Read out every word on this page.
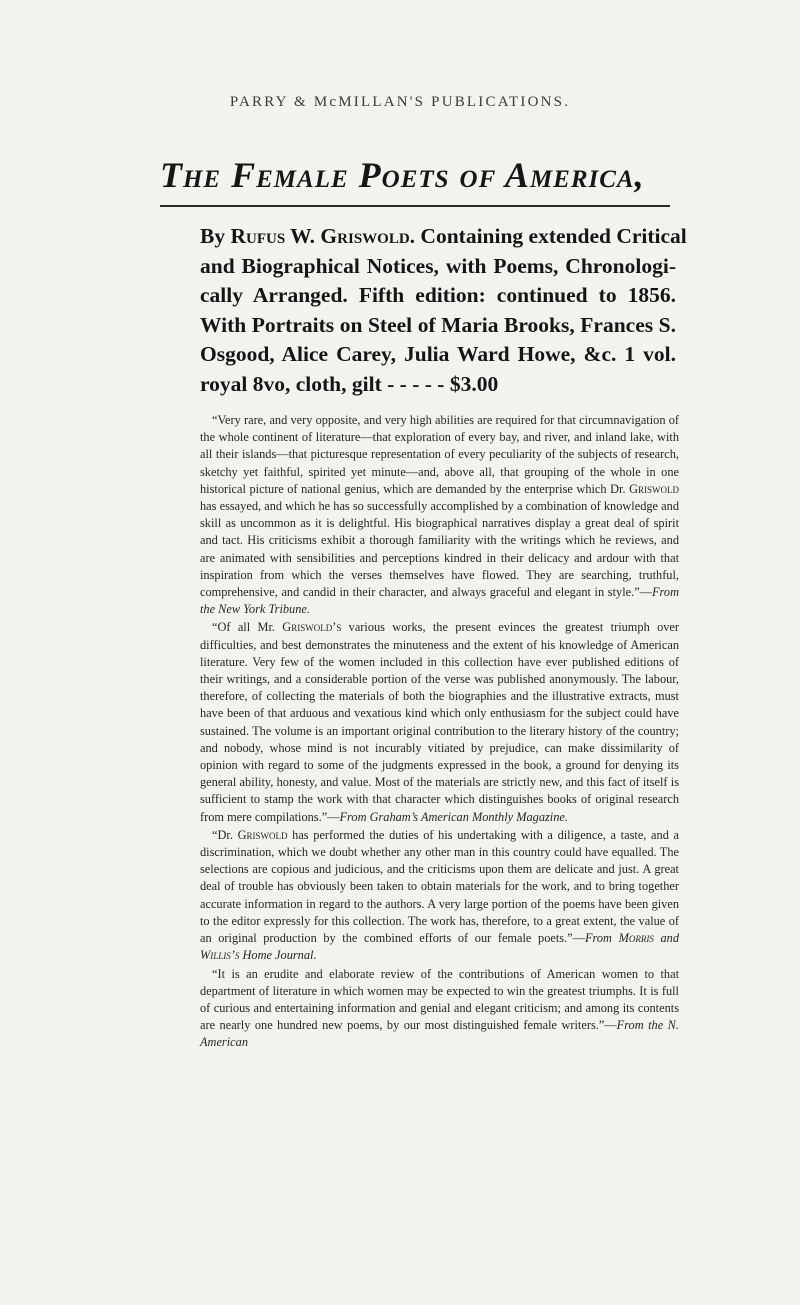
PARRY & McMILLAN'S PUBLICATIONS.
The Female Poets of America,
By Rufus W. Griswold. Containing extended Critical
and Biographical Notices, with Poems, Chronologi-
cally Arranged. Fifth edition: continued to 1856.
With Portraits on Steel of Maria Brooks, Frances S.
Osgood, Alice Carey, Julia Ward Howe, &c. 1 vol.
royal 8vo, cloth, gilt - - - - - $3.00

“Very rare, and very opposite, and very high abilities are required for that circumnavigation of the whole continent of literature—that exploration of every bay, and river, and inland lake, with all their islands—that picturesque representation of every peculiarity of the subjects of research, sketchy yet faithful, spirited yet minute—and, above all, that grouping of the whole in one historical picture of national genius, which are demanded by the enterprise which Dr. Griswold has essayed, and which he has so successfully accomplished by a combination of knowledge and skill as uncommon as it is delightful. His biographical narratives display a great deal of spirit and tact. His criticisms exhibit a thorough familiarity with the writings which he reviews, and are animated with sensibilities and perceptions kindred in their delicacy and ardour with that inspiration from which the verses themselves have flowed. They are searching, truthful, comprehensive, and candid in their character, and always graceful and elegant in style.”—From the New York Tribune.

“Of all Mr. Griswold’s various works, the present evinces the greatest triumph over difficulties, and best demonstrates the minuteness and the extent of his knowledge of American literature. Very few of the women included in this collection have ever published editions of their writings, and a considerable portion of the verse was published anonymously. The labour, therefore, of collecting the materials of both the biographies and the illustrative extracts, must have been of that arduous and vexatious kind which only enthusiasm for the subject could have sustained. The volume is an important original contribution to the literary history of the country; and nobody, whose mind is not incurably vitiated by prejudice, can make dissimilarity of opinion with regard to some of the judgments expressed in the book, a ground for denying its general ability, honesty, and value. Most of the materials are strictly new, and this fact of itself is sufficient to stamp the work with that character which distinguishes books of original research from mere compilations.”—From Graham’s American Monthly Magazine.

“Dr. Griswold has performed the duties of his undertaking with a diligence, a taste, and a discrimination, which we doubt whether any other man in this country could have equalled. The selections are copious and judicious, and the criticisms upon them are delicate and just. A great deal of trouble has obviously been taken to obtain materials for the work, and to bring together accurate information in regard to the authors. A very large portion of the poems have been given to the editor expressly for this collection. The work has, therefore, to a great extent, the value of an original production by the combined efforts of our female poets.”—From Morris and Willis’s Home Journal.

“It is an erudite and elaborate review of the contributions of American women to that department of literature in which women may be expected to win the greatest triumphs. It is full of curious and entertaining information and genial and elegant criticism; and among its contents are nearly one hundred new poems, by our most distinguished female writers.”—From the N. American
